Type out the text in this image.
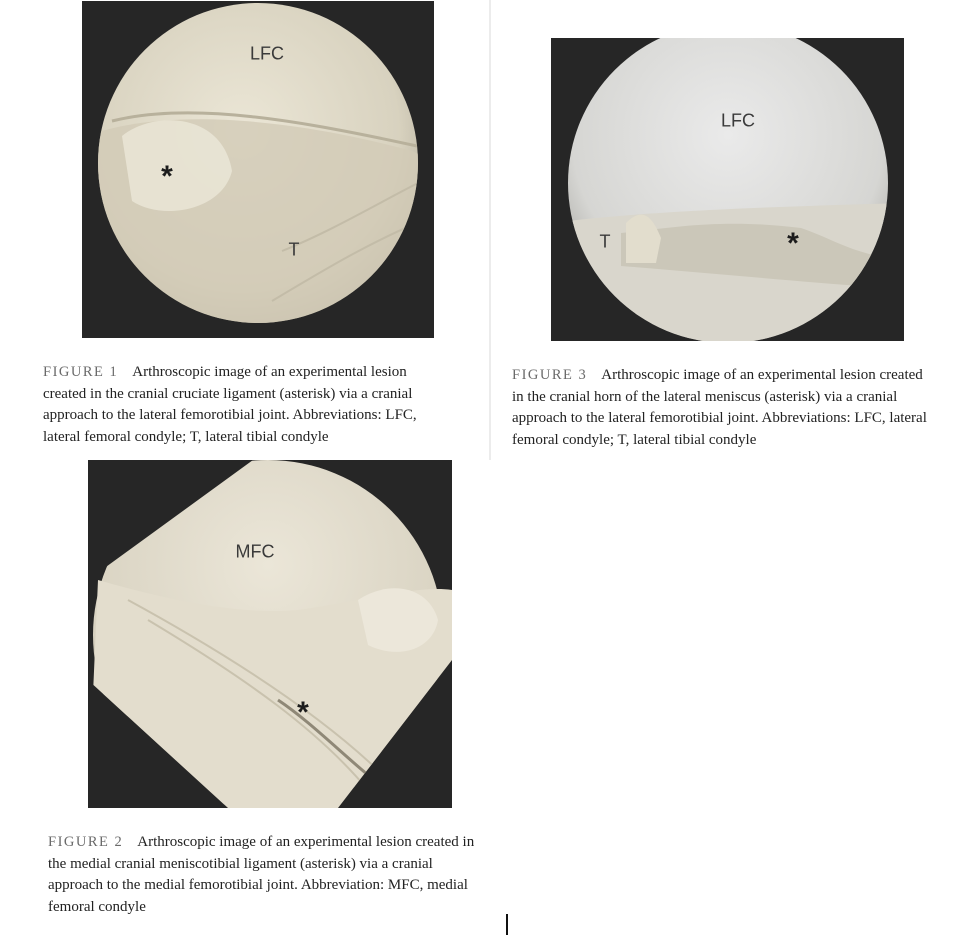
LFC
T
*
FIGURE 1 Arthroscopic image of an experimental lesion created in the cranial cruciate ligament (asterisk) via a cranial approach to the lateral femorotibial joint. Abbreviations: LFC, lateral femoral condyle; T, lateral tibial condyle
LFC
T	*
FIGURE 3 Arthroscopic image of an experimental lesion created in the cranial horn of the lateral meniscus (asterisk) via a cranial approach to the lateral femorotibial joint. Abbreviations: LFC, lateral femoral condyle; T, lateral tibial condyle
MFC
*
FIGURE 2 Arthroscopic image of an experimental lesion created in the medial cranial meniscotibial ligament (asterisk) via a cranial approach to the medial femorotibial joint. Abbreviation: MFC, medial femoral condyle
